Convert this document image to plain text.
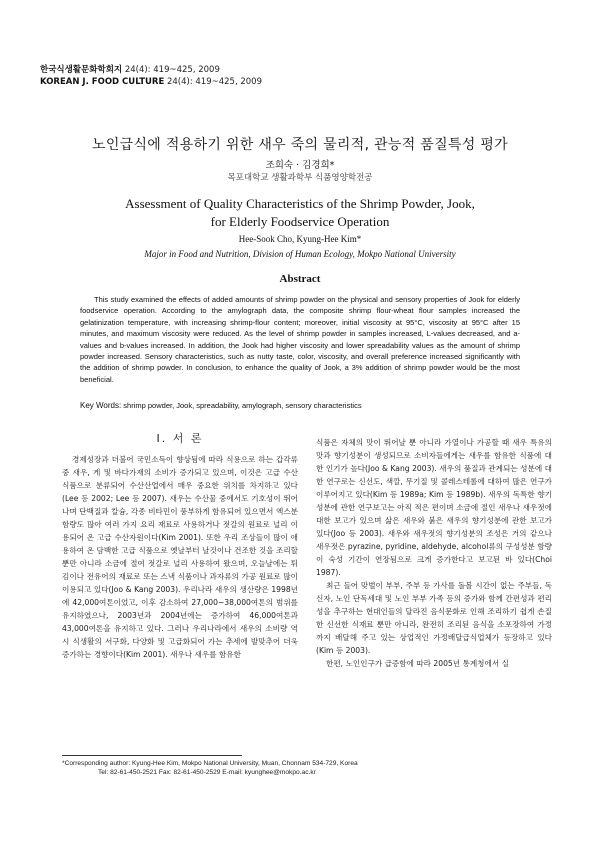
한국식생활문화학회지 24(4): 419~425, 2009
KOREAN J. FOOD CULTURE 24(4): 419~425, 2009
노인급식에 적용하기 위한 새우 죽의 물리적, 관능적 품질특성 평가
조희숙 · 김경희*
목포대학교 생활과학부 식품영양학전공
Assessment of Quality Characteristics of the Shrimp Powder, Jook,
for Elderly Foodservice Operation
Hee-Sook Cho, Kyung-Hee Kim*
Major in Food and Nutrition, Division of Human Ecology, Mokpo National University
Abstract

This study examined the effects of added amounts of shrimp powder on the physical and sensory properties of Jook for elderly foodservice operation. According to the amylograph data, the composite shrimp flour-wheat flour samples increased the gelatinization temperature, with increasing shrimp-flour content; moreover, initial viscosity at 95°C, viscosity at 95°C after 15 minutes, and maximum viscosity were reduced. As the level of shrimp powder in samples increased, L-values decreased, and a-values and b-values increased. In addition, the Jook had higher viscosity and lower spreadability values as the amount of shrimp powder increased. Sensory characteristics, such as nutty taste, color, viscosity, and overall preference increased significantly with the addition of shrimp powder. In conclusion, to enhance the quality of Jook, a 3% addition of shrimp powder would be the most beneficial.

Key Words: shrimp powder, Jook, spreadability, amylograph, sensory characteristics
I. 서 론

경제성장과 더불어 국민소득이 향상됨에 따라 식용으로 하는 갑각류 중 새우, 게 및 바다가재의 소비가 증가되고 있으며, 이것은 고급 수산 식품으로 분류되어 수산산업에서 매우 중요한 위치를 차지하고 있다(Lee 등 2002; Lee 등 2007). 새우는 수산물 중에서도 기호성이 뛰어나며 단백질과 칼슘, 각종 비타민이 풍부하게 함유되어 있으면서 엑스분 함량도 많아 여러 가지 요리 재료로 사용하거나 젓갈의 원료로 널리 이용되어 온 고급 수산자원이다(Kim 2001). 또한 우리 조상들이 많이 애용하여 온 담백한 고급 식품으로 옛날부터 날것이나 건조한 것을 조리할 뿐만 아니라 소금에 절여 젓갈로 널리 사용하여 왔으며, 오늘날에는 튀김이나 전유어의 재료로 또는 스낵 식품이나 과자류의 가공 원료로 많이 이용되고 있다(Joo & Kang 2003). 우리나라 새우의 생산량은 1998년에 42,000여톤이었고, 이후 감소하여 27,000~38,000여톤의 범위를 유지하였으나, 2003년과 2004년에는 증가하여 46,000여톤과 43,000여톤을 유지하고 있다. 그러나 우리나라에서 새우의 소비량 역시 식생활의 서구화, 다양화 및 고급화되어 가는 추세에 발맞추어 더욱 증가하는 경향이다(Kim 2001). 새우나 새우를 함유한

식품은 자체의 맛이 뛰어날 뿐 아니라 가열이나 가공할 때 새우 특유의 맛과 향기성분이 생성되므로 소비자들에게는 새우를 함유한 식품에 대한 인기가 높다(Joo & Kang 2003). 새우의 품질과 관계되는 성분에 대한 연구로는 신선도, 색깔, 무기질 및 콜레스테롤에 대하여 많은 연구가 이루어지고 있다(Kim 등 1989a; Kim 등 1989b). 새우의 독특한 향기성분에 관한 연구보고는 아직 적은 편이며 소금에 절인 새우나 새우젓에 대한 보고가 있으며 삶은 새우와 붉은 새우의 향기성분에 관한 보고가 있다(Joo 등 2003). 새우와 새우젓의 향기성분의 조성은 거의 같으나 새우젓은 pyrazine, pyridine, aldehyde, alcohol류의 구성성분 함량이 숙성 기간이 연장됨으로 크게 증가한다고 보고된 바 있다(Choi 1987).

최근 들어 맞벌이 부부, 주부 등 가사를 돌볼 시간이 없는 주부들, 독신자, 노인 단독세대 및 노인 부부 가족 등의 증가와 함께 간편성과 편리성을 추구하는 현대인들의 달라진 음식문화로 인해 조리하기 쉽게 손질한 신선한 식재료 뿐만 아니라, 완전히 조리된 음식을 소포장하여 가정까지 배달해 주고 있는 상업적인 가정배달급식업체가 등장하고 있다(Kim 등 2003).

한편, 노인인구가 급증함에 따라 2005년 통계청에서 실

*Corresponding author: Kyung-Hee Kim, Mokpo National University, Muan, Chonnam 534-729, Korea
Tel: 82-61-450-2521 Fax: 82-61-450-2529 E-mail: kyunghee@mokpo.ac.kr
